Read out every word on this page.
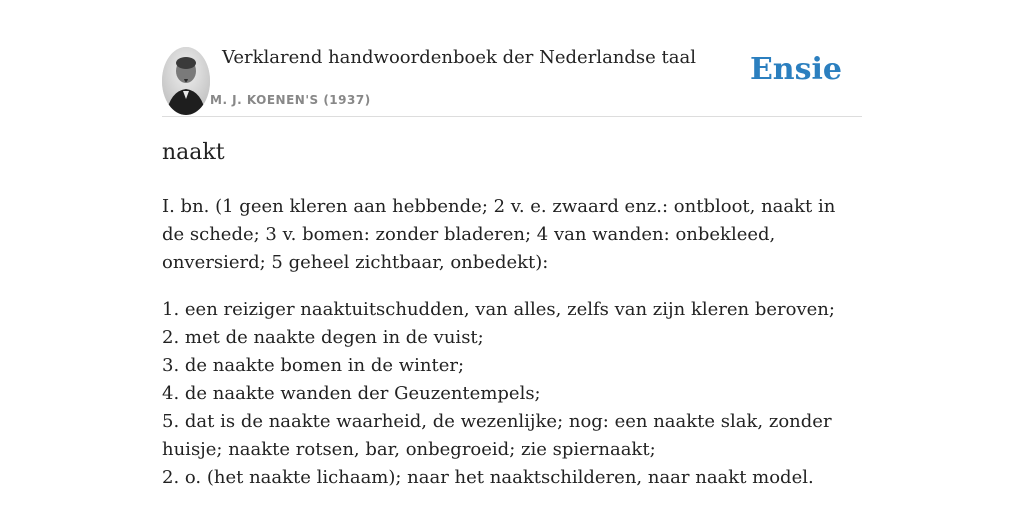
Verklarend handwoordenboek der Nederlandse taal
M. J. KOENEN'S (1937)
Ensie
naakt
I. bn. (1 geen kleren aan hebbende; 2 v. e. zwaard enz.: ontbloot, naakt in de schede; 3 v. bomen: zonder bladeren; 4 van wanden: onbekleed, onversierd; 5 geheel zichtbaar, onbedekt):
1. een reiziger naaktuitschudden, van alles, zelfs van zijn kleren beroven;
2. met de naakte degen in de vuist;
3. de naakte bomen in de winter;
4. de naakte wanden der Geuzentempels;
5. dat is de naakte waarheid, de wezenlijke; nog: een naakte slak, zonder huisje; naakte rotsen, bar, onbegroeid; zie spiernaakt;
2. o. (het naakte lichaam); naar het naaktschilderen, naar naakt model.
